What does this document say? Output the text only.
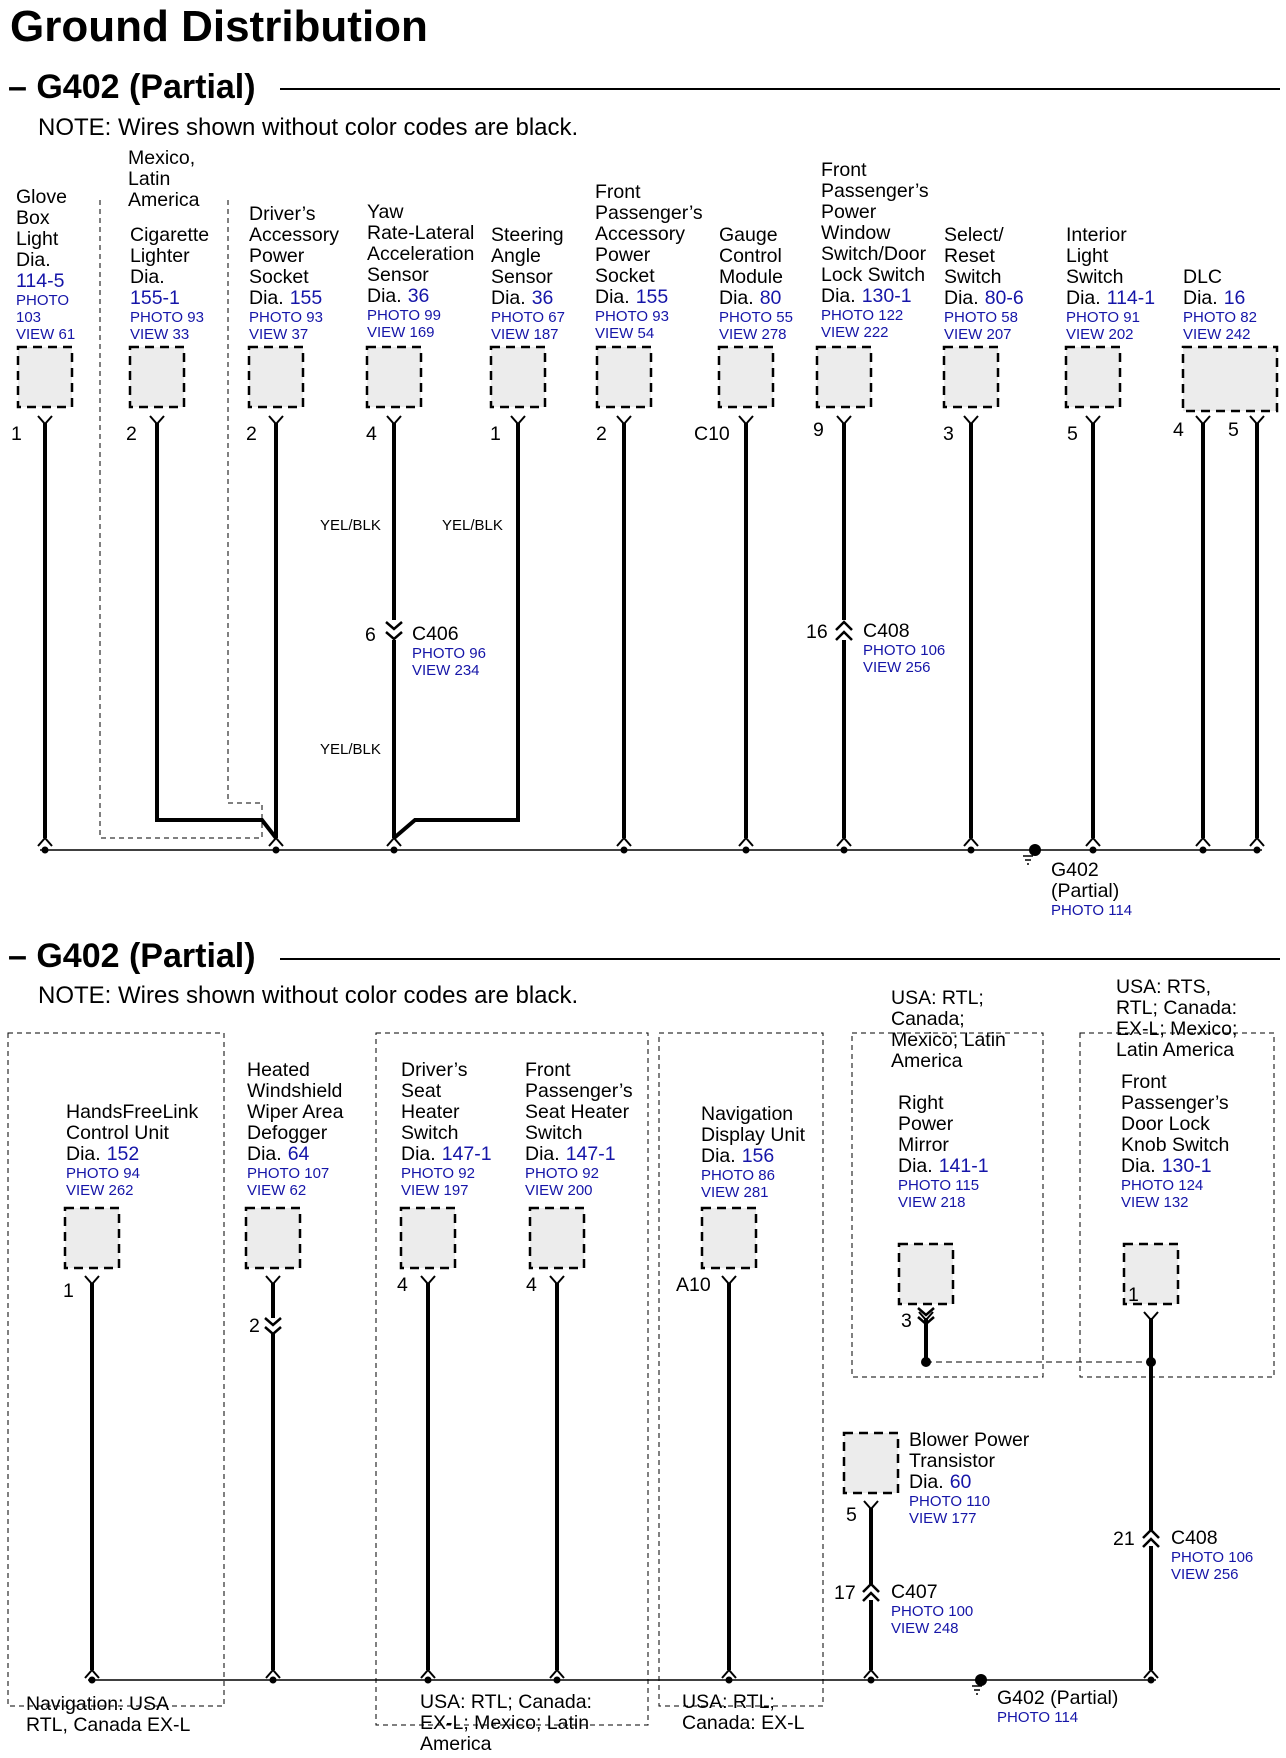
Ground Distribution
– G402 (Partial)
NOTE: Wires shown without color codes are black.
Mexico,
Latin
America
Glove
Box
Light
Dia.
114-5
PHOTO
103
VIEW 61
Cigarette
Lighter
Dia.
155-1
PHOTO 93
VIEW 33
Driver’s
Accessory
Power
Socket
Dia. 155
PHOTO 93
VIEW 37
Yaw
Rate-Lateral
Acceleration
Sensor
Dia. 36
PHOTO 99
VIEW 169
Steering
Angle
Sensor
Dia. 36
PHOTO 67
VIEW 187
Front
Passenger’s
Accessory
Power
Socket
Dia. 155
PHOTO 93
VIEW 54
Gauge
Control
Module
Dia. 80
PHOTO 55
VIEW 278
Front
Passenger’s
Power
Window
Switch/Door
Lock Switch
Dia. 130-1
PHOTO 122
VIEW 222
Select/
Reset
Switch
Dia. 80-6
PHOTO 58
VIEW 207
Interior
Light
Switch
Dia. 114-1
PHOTO 91
VIEW 202
DLC
Dia. 16
PHOTO 82
VIEW 242
1	2	2	4	1	2	C10	9	3	5	4 5
YEL/BLK	YEL/BLK
YEL/BLK
6 C406
PHOTO 96
VIEW 234
16 C408
PHOTO 106
VIEW 256
G402
(Partial)
PHOTO 114
– G402 (Partial)
NOTE: Wires shown without color codes are black.	USA: RTL;
Canada;
Mexico; Latin
America
USA: RTS,
RTL; Canada:
EX-L; Mexico;
Latin America
HandsFreeLink
Control Unit
Dia. 152
PHOTO 94
VIEW 262
Heated
Windshield
Wiper Area
Defogger
Dia. 64
PHOTO 107
VIEW 62
Driver’s
Seat
Heater
Switch
Dia. 147-1
PHOTO 92
VIEW 197
Front
Passenger’s
Seat Heater
Switch
Dia. 147-1
PHOTO 92
VIEW 200
Navigation
Display Unit
Dia. 156
PHOTO 86
VIEW 281
Right
Power
Mirror
Dia. 141-1
PHOTO 115
VIEW 218
Front
Passenger’s
Door Lock
Knob Switch
Dia. 130-1
PHOTO 124
VIEW 132
Blower Power
Transistor
Dia. 60
PHOTO 110
VIEW 177
1
2
4	4	A10
3
1
5
17 C407
PHOTO 100
VIEW 248
21 C408
PHOTO 106
VIEW 256
G402 (Partial)
PHOTO 114
Navigation: USA
RTL, Canada EX-L
USA: RTL; Canada:
EX-L; Mexico; Latin
America
USA: RTL;
Canada: EX-L
